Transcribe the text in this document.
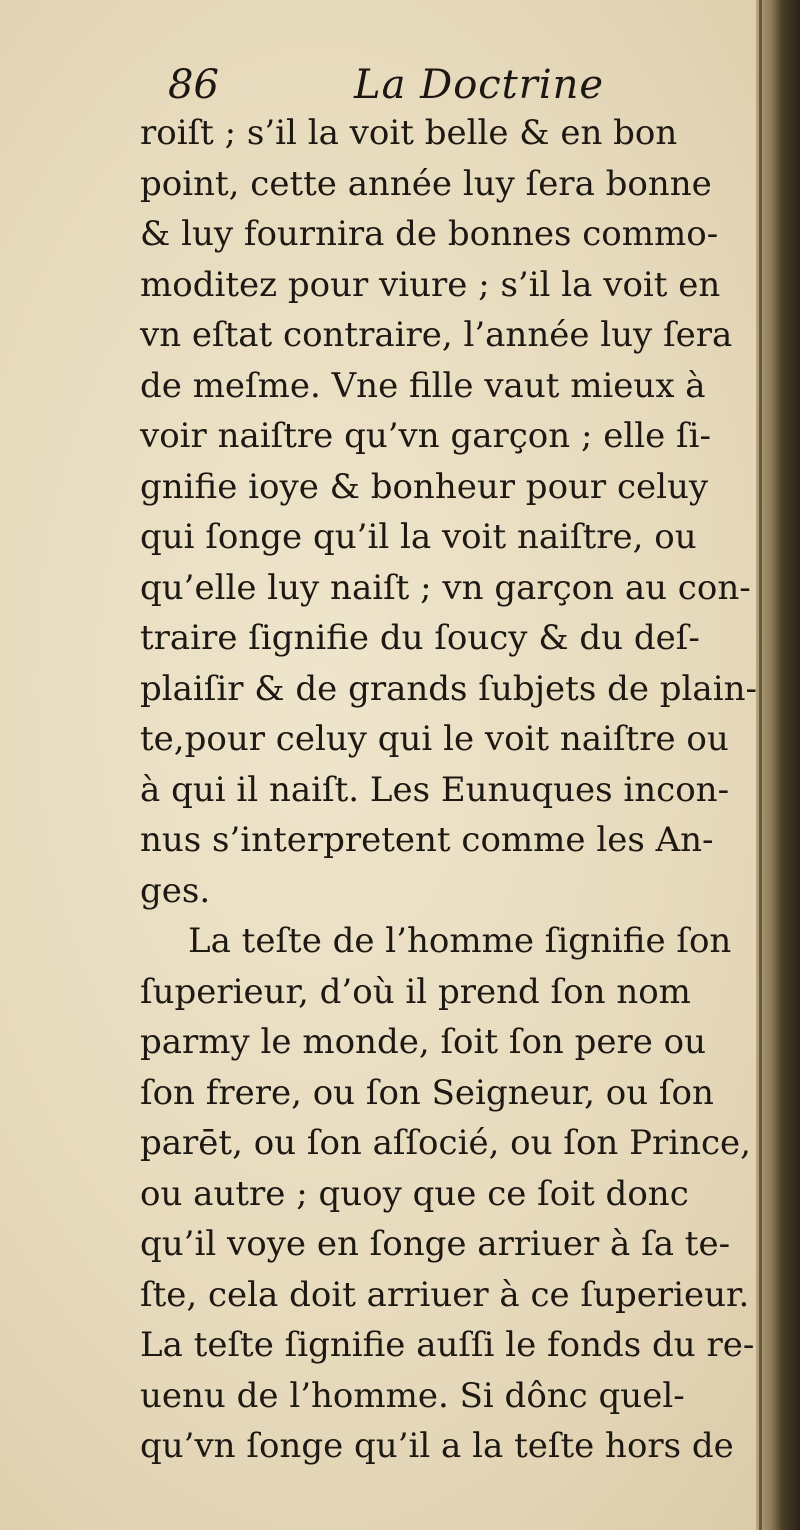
86	La Doctrine
roiſt ; s’il la voit belle & en bon
point, cette année luy ſera bonne
& luy fournira de bonnes commo-
moditez pour viure ; s’il la voit en
vn eſtat contraire, l’année luy ſera
de meſme. Vne fille vaut mieux à
voir naiſtre qu’vn garçon ; elle ſi-
gnifie ioye & bonheur pour celuy
qui ſonge qu’il la voit naiſtre, ou
qu’elle luy naiſt ; vn garçon au con-
traire ſignifie du ſoucy & du deſ-
plaiſir & de grands ſubjets de plain-
te,pour celuy qui le voit naiſtre ou
à qui il naiſt. Les Eunuques incon-
nus s’interpretent comme les An-
ges.
La teſte de l’homme ſignifie ſon
ſuperieur, d’où il prend ſon nom
parmy le monde, ſoit ſon pere ou
ſon frere, ou ſon Seigneur, ou ſon
parēt, ou ſon aſſocié, ou ſon Prince,
ou autre ; quoy que ce ſoit donc
qu’il voye en ſonge arriuer à ſa te-
ſte, cela doit arriuer à ce ſuperieur.
La teſte ſignifie auſſi le fonds du re-
uenu de l’homme. Si dônc quel-
qu’vn ſonge qu’il a la teſte hors de
